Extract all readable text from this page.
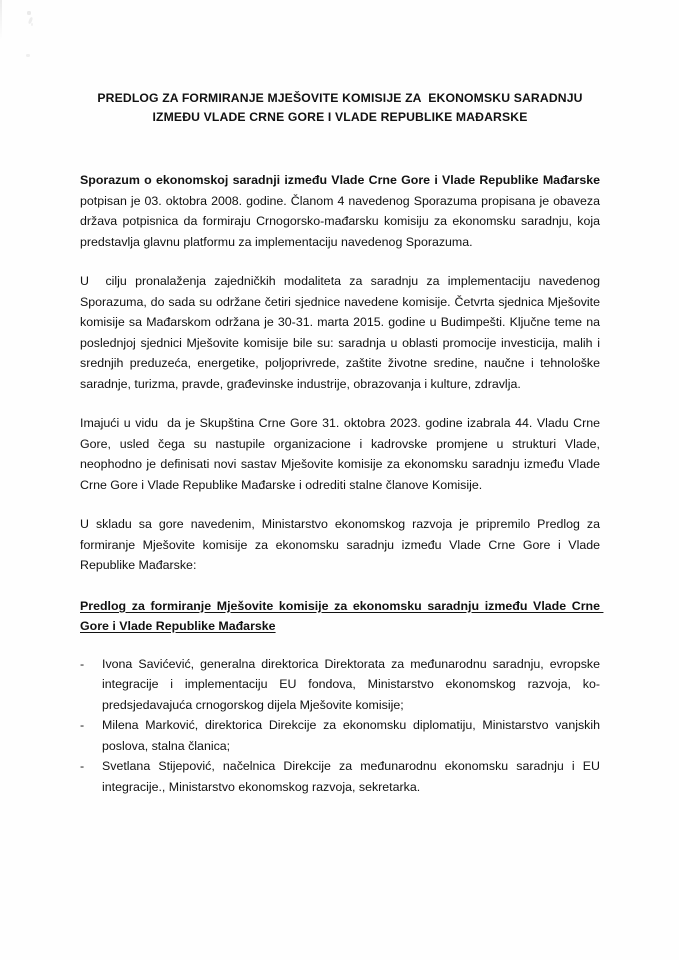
PREDLOG ZA FORMIRANJE MJEŠOVITE KOMISIJE ZA  EKONOMSKU SARADNJU
IZMEĐU VLADE CRNE GORE I VLADE REPUBLIKE MAĐARSKE

Sporazum o ekonomskoj saradnji između Vlade Crne Gore i Vlade Republike Mađarske potpisan je 03. oktobra 2008. godine. Članom 4 navedenog Sporazuma propisana je obaveza država potpisnica da formiraju Crnogorsko-mađarsku komisiju za ekonomsku saradnju, koja predstavlja glavnu platformu za implementaciju navedenog Sporazuma.

U  cilju pronalaženja zajedničkih modaliteta za saradnju za implementaciju navedenog Sporazuma, do sada su održane četiri sjednice navedene komisije. Četvrta sjednica Mješovite komisije sa Mađarskom održana je 30-31. marta 2015. godine u Budimpešti. Ključne teme na poslednjoj sjednici Mješovite komisije bile su: saradnja u oblasti promocije investicija, malih i srednjih preduzeća, energetike, poljoprivrede, zaštite životne sredine, naučne i tehnološke saradnje, turizma, pravde, građevinske industrije, obrazovanja i kulture, zdravlja.

Imajući u vidu  da je Skupština Crne Gore 31. oktobra 2023. godine izabrala 44. Vladu Crne Gore, usled čega su nastupile organizacione i kadrovske promjene u strukturi Vlade, neophodno je definisati novi sastav Mješovite komisije za ekonomsku saradnju između Vlade Crne Gore i Vlade Republike Mađarske i odrediti stalne članove Komisije.

U skladu sa gore navedenim, Ministarstvo ekonomskog razvoja je pripremilo Predlog za formiranje Mješovite komisije za ekonomsku saradnju između Vlade Crne Gore i Vlade Republike Mađarske:

Predlog za formiranje Mješovite komisije za ekonomsku saradnju između Vlade Crne Gore i Vlade Republike Mađarske

- Ivona Savićević, generalna direktorica Direktorata za međunarodnu saradnju, evropske integracije i implementaciju EU fondova, Ministarstvo ekonomskog razvoja, ko-predsjedavajuća crnogorskog dijela Mješovite komisije;
- Milena Marković, direktorica Direkcije za ekonomsku diplomatiju, Ministarstvo vanjskih poslova, stalna članica;
- Svetlana Stijepović, načelnica Direkcije za međunarodnu ekonomsku saradnju i EU integracije., Ministarstvo ekonomskog razvoja, sekretarka.
